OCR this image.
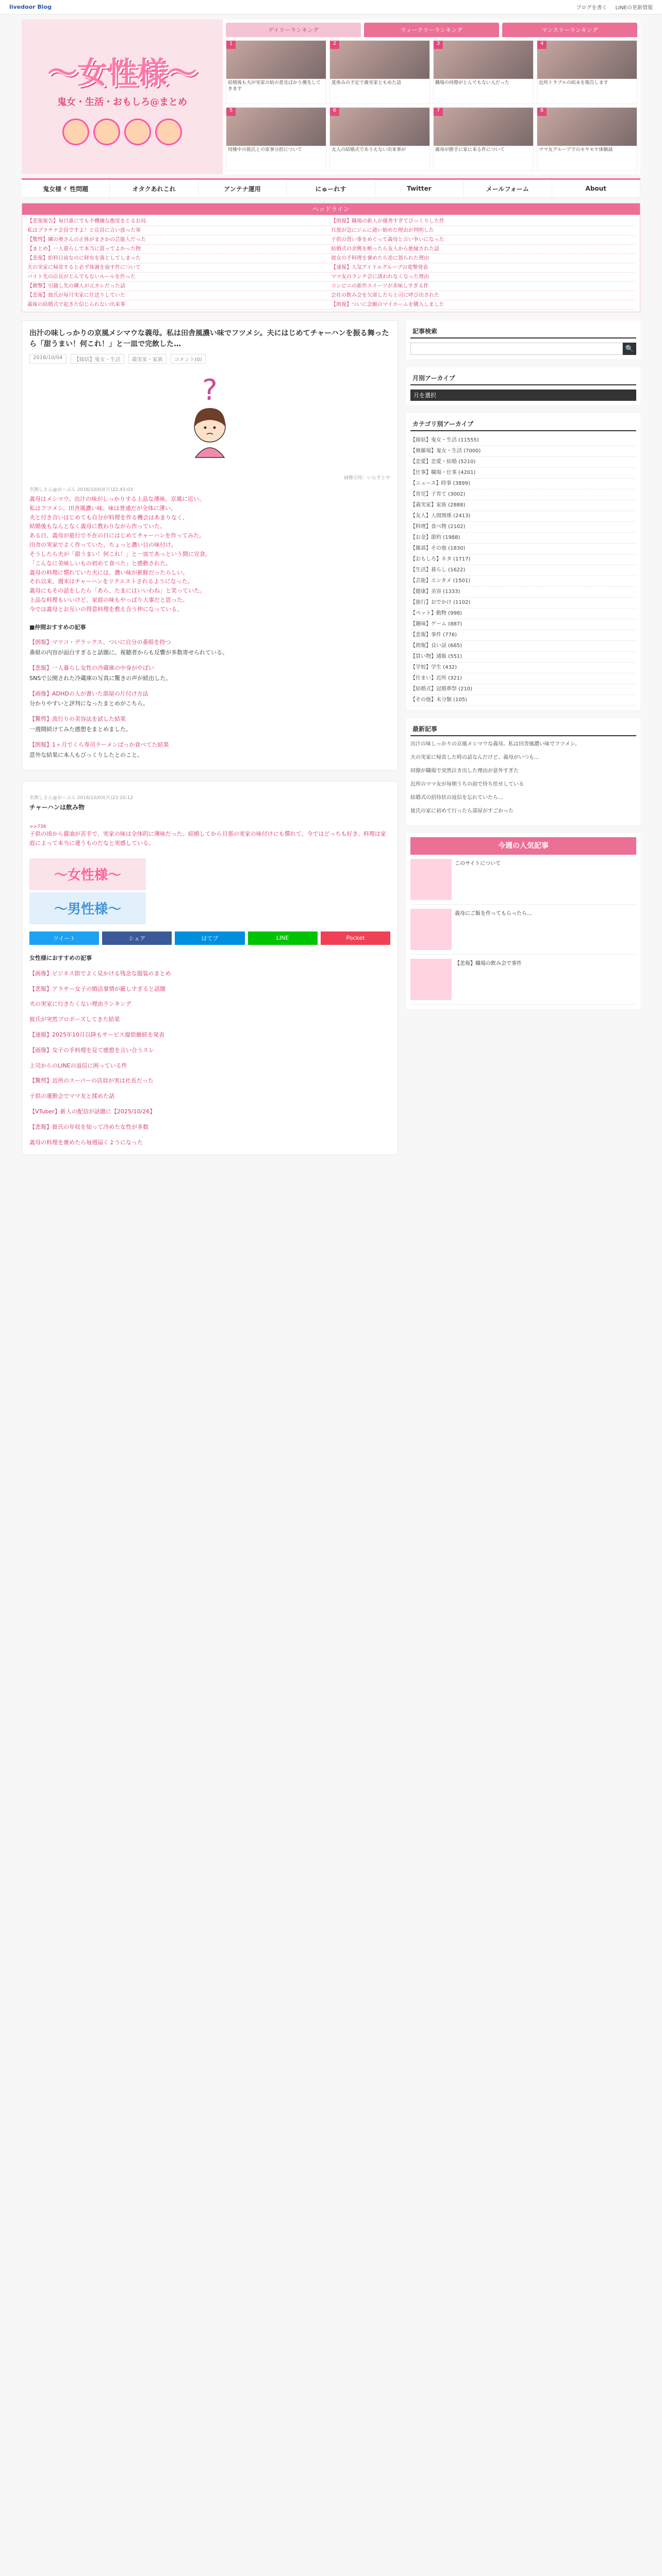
livedoor Blog	ブログを書く LINEの更新情報
〜女性様〜
鬼女・生活・おもしろ@まとめ
デイリーランキング	ウィークリーランキング	マンスリーランキング
1

結婚後も夫が実家の姑の意見ばかり優先してきます

2

夏休みの予定で義実家ともめた話

3

職場の同僚がとんでもない人だった

4

近所トラブルの結末を報告します

5

同棲中の彼氏との家事分担について

6

友人の結婚式でありえない出来事が

7

義母が勝手に家に来る件について

8

ママ友グループでのモヤモヤ体験談

鬼女様ヾ 性問題	オタクあれこれ	アンテナ運用	にゅーれす	Twitter	メールフォーム	About
ヘッドライン
【悲報報告】毎日誰にでも不機嫌な態度をとるお局	【朗報】職場の新人が優秀すぎてびっくりした件
私はプラチナ会員ですよ！と店員に言い放った客	旦那が急にジムに通い始めた理由が判明した
【驚愕】隣の奥さんの正体がまさかの芸能人だった	子供の習い事をめぐって義母と言い争いになった
【まとめ】一人暮らしで本当に買ってよかった物	結婚式の余興を断ったら友人から絶縁された話
【悲報】給料日前なのに財布を落としてしまった	彼女の手料理を褒めたら逆に怒られた理由
夫の実家に帰省すると必ず体調を崩す件について	【速報】人気アイドルグループの電撃発表
バイト先の店長がとんでもないルールを作った	ママ友のランチ会に誘われなくなった理由
【衝撃】引越し先の隣人が元カレだった話	コンビニの新作スイーツが美味しすぎる件
【悲報】彼氏が毎月実家に仕送りしていた	会社の飲み会を欠席したら上司に呼び出された
義妹の結婚式で起きた信じられない出来事	【朗報】ついに念願のマイホームを購入しました
出汁の味しっかりの京風メシマウな義母。私は田舎風濃い味でフツメシ。夫にはじめてチャーハンを振る舞ったら「甜うまい！何これ！」と一皿で完飲した…
2016/10/04	【嫁姑】鬼女・生活	義実家・家族	コメント(0)
?
画像引用：いらすとや
名無しさん@おーぷん 2016/10/03(月)22:45:03

義母はメシマウ。出汁の味がしっかりする上品な薄味。京風に近い。

私はフツメシ。田舎風濃い味。味は普通だが全体に薄い。

夫と付き合いはじめても自分が料理を作る機会はあまりなく、

結婚後もなんとなく義母に教わりながら作っていた。

ある日、義母が旅行で不在の日にはじめてチャーハンを作ってみた。

田舎の実家でよく作っていた、ちょっと濃い目の味付け。

そうしたら夫が「甜うまい！何これ！」と一皿であっという間に完食。

「こんなに美味しいもの初めて食べた」と感動された。

義母の料理に慣れていた夫には、濃い味が新鮮だったらしい。

それ以来、週末はチャーハンをリクエストされるようになった。

義母にもその話をしたら「あら、たまにはいいわね」と笑っていた。

上品な料理もいいけど、家庭の味もやっぱり大事だと思った。

今では義母とお互いの得意料理を教え合う仲になっている。

■仲間おすすめの記事
【朗報】マツコ・デラックス、ついに自分の番組を持つ
番組の内容が面白すぎると話題に。視聴者からも反響が多数寄せられている。
【悲報】一人暮らし女性の冷蔵庫の中身がやばい
SNSで公開された冷蔵庫の写真に驚きの声が続出した。
【画像】ADHDの人が書いた部屋の片付け方法
分かりやすいと評判になったまとめがこちら。
【驚愕】流行りの美容法を試した結果
一週間続けてみた感想をまとめました。
【朗報】1ヶ月でくら寿司ラーメンばっか食べてた結果
意外な結果に本人もびっくりしたとのこと。
名無しさん@おーぷん 2016/10/03(月)23:10:12
チャーハンは飲み物
>>739
子供の頃から醤油が苦手で、実家の味は全体的に薄味だった。結婚してから旦那の実家の味付けにも慣れて、今ではどっちも好き。料理は家庭によって本当に違うものだなと実感している。
〜女性様〜
〜男性様〜
ツイート	シェア	はてブ	LINE	Pocket
女性様におすすめの記事
【画像】ビジネス街でよく見かける残念な服装のまとめ
【悲報】アラサー女子の婚活事情が厳しすぎると話題
夫の実家に行きたくない理由ランキング
彼氏が突然プロポーズしてきた結果
【速報】2025年10月以降もサービス提供継続を発表
【画像】女子の手料理を見て感想を言い合うスレ
上司からのLINEの返信に困っている件
【驚愕】近所のスーパーの店員が実は社長だった
子供の運動会でママ友と揉めた話
【VTuber】新人の配信が話題に【2025/10/26】
【悲報】彼氏の年収を知って冷めた女性が多数
義母の料理を褒めたら毎週届くようになった
記事検索
🔍
月別アーカイブ
月を選択
カテゴリ別アーカイブ
【嫁姑】鬼女・生活 (11555)
【修羅場】鬼女・生活 (7000)
【恋愛】恋愛・結婚 (5210)
【仕事】職場・仕事 (4201)
【ニュース】時事 (3899)
【育児】子育て (3002)
【義実家】家族 (2888)
【友人】人間関係 (2413)
【料理】食べ物 (2102)
【お金】節約 (1988)
【雑談】その他 (1830)
【おもしろ】ネタ (1717)
【生活】暮らし (1622)
【芸能】エンタメ (1501)
【健康】美容 (1333)
【旅行】おでかけ (1102)
【ペット】動物 (998)
【趣味】ゲーム (887)
【悲報】事件 (776)
【朗報】良い話 (665)
【買い物】通販 (551)
【学校】学生 (432)
【住まい】近所 (321)
【結婚式】冠婚葬祭 (210)
【その他】未分類 (105)
最新記事
出汁の味しっかりの京風メシマウな義母。私は田舎風濃い味でフツメシ。
夫の実家に帰省した時の話なんだけど、義母がいつも…
同僚が職場で突然泣き出した理由が意外すぎた
近所のママ友が毎朝うちの前で待ち伏せしている
結婚式の招待状の返信を忘れていたら…
彼氏の家に初めて行ったら部屋がすごかった
今週の人気記事
このサイトについて
義母にご飯を作ってもらったら…
【悲報】職場の飲み会で事件
